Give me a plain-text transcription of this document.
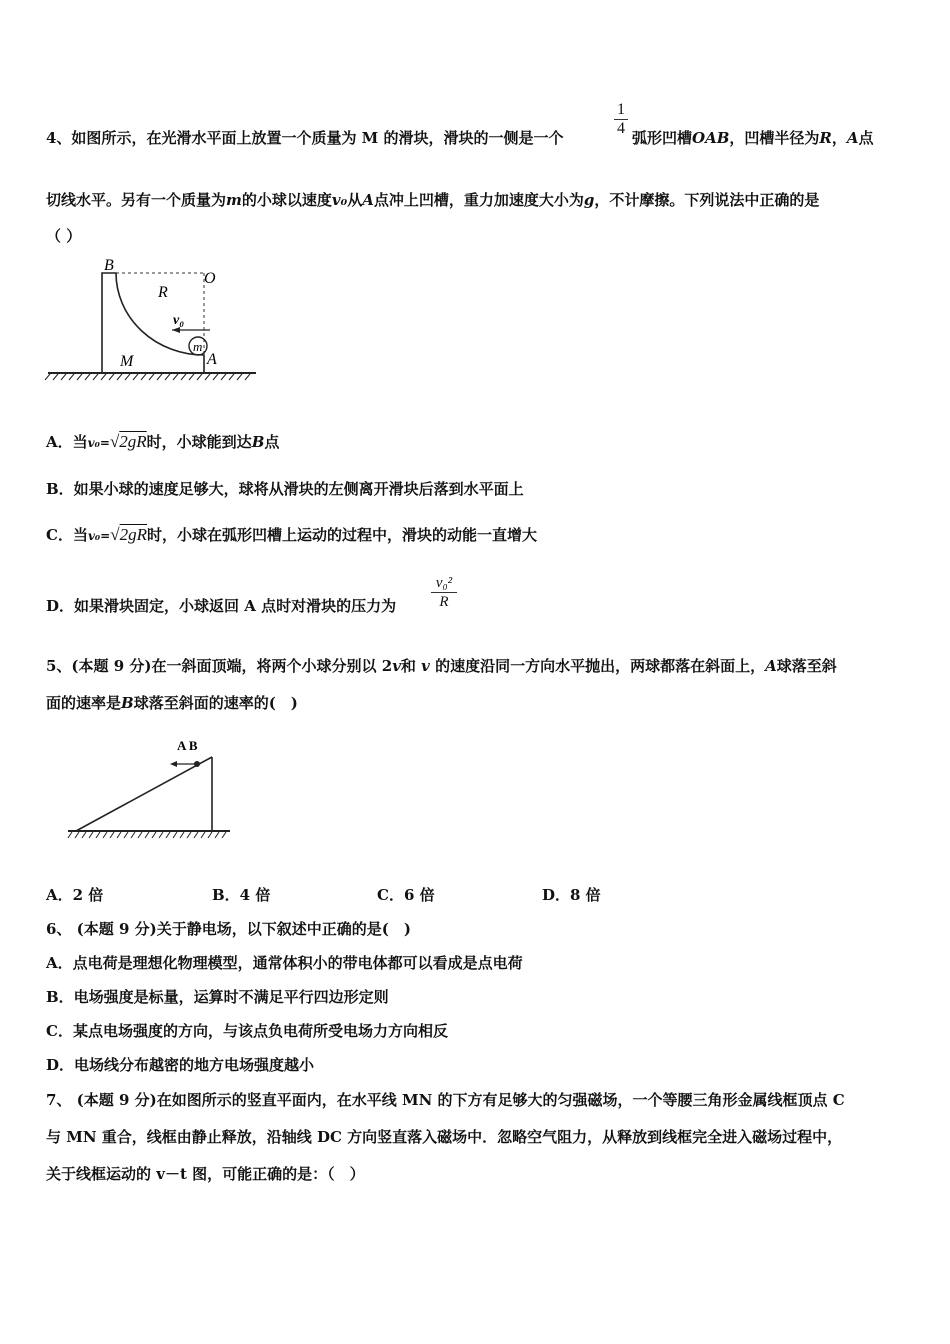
4、如图所示，在光滑水平面上放置一个质量为 M 的滑块，滑块的一侧是一个
1
4
弧形凹槽OAB，凹槽半径为R，A点
切线水平。另有一个质量为m的小球以速度v₀从A点冲上凹槽，重力加速度大小为g，不计摩擦。下列说法中正确的是
（ ）
B
O
R
v₀
m
M	A
A．当v₀=√2gR时，小球能到达B点
B．如果小球的速度足够大，球将从滑块的左侧离开滑块后落到水平面上
C．当v₀=√2gR时，小球在弧形凹槽上运动的过程中，滑块的动能一直增大
D．如果滑块固定，小球返回 A 点时对滑块的压力为
v₀²
R
5、(本题 9 分)在一斜面顶端，将两个小球分别以 2v和 v 的速度沿同一方向水平抛出，两球都落在斜面上，A球落至斜
面的速率是B球落至斜面的速率的(　)
A B
A．2 倍	B．4 倍	C．6 倍	D．8 倍
6、 (本题 9 分)关于静电场，以下叙述中正确的是(　)
A．点电荷是理想化物理模型，通常体积小的带电体都可以看成是点电荷
B．电场强度是标量，运算时不满足平行四边形定则
C．某点电场强度的方向，与该点负电荷所受电场力方向相反
D．电场线分布越密的地方电场强度越小
7、 (本题 9 分)在如图所示的竖直平面内，在水平线 MN 的下方有足够大的匀强磁场，一个等腰三角形金属线框顶点 C
与 MN 重合，线框由静止释放，沿轴线 DC 方向竖直落入磁场中．忽略空气阻力，从释放到线框完全进入磁场过程中，
关于线框运动的 v－t 图，可能正确的是：（　）
